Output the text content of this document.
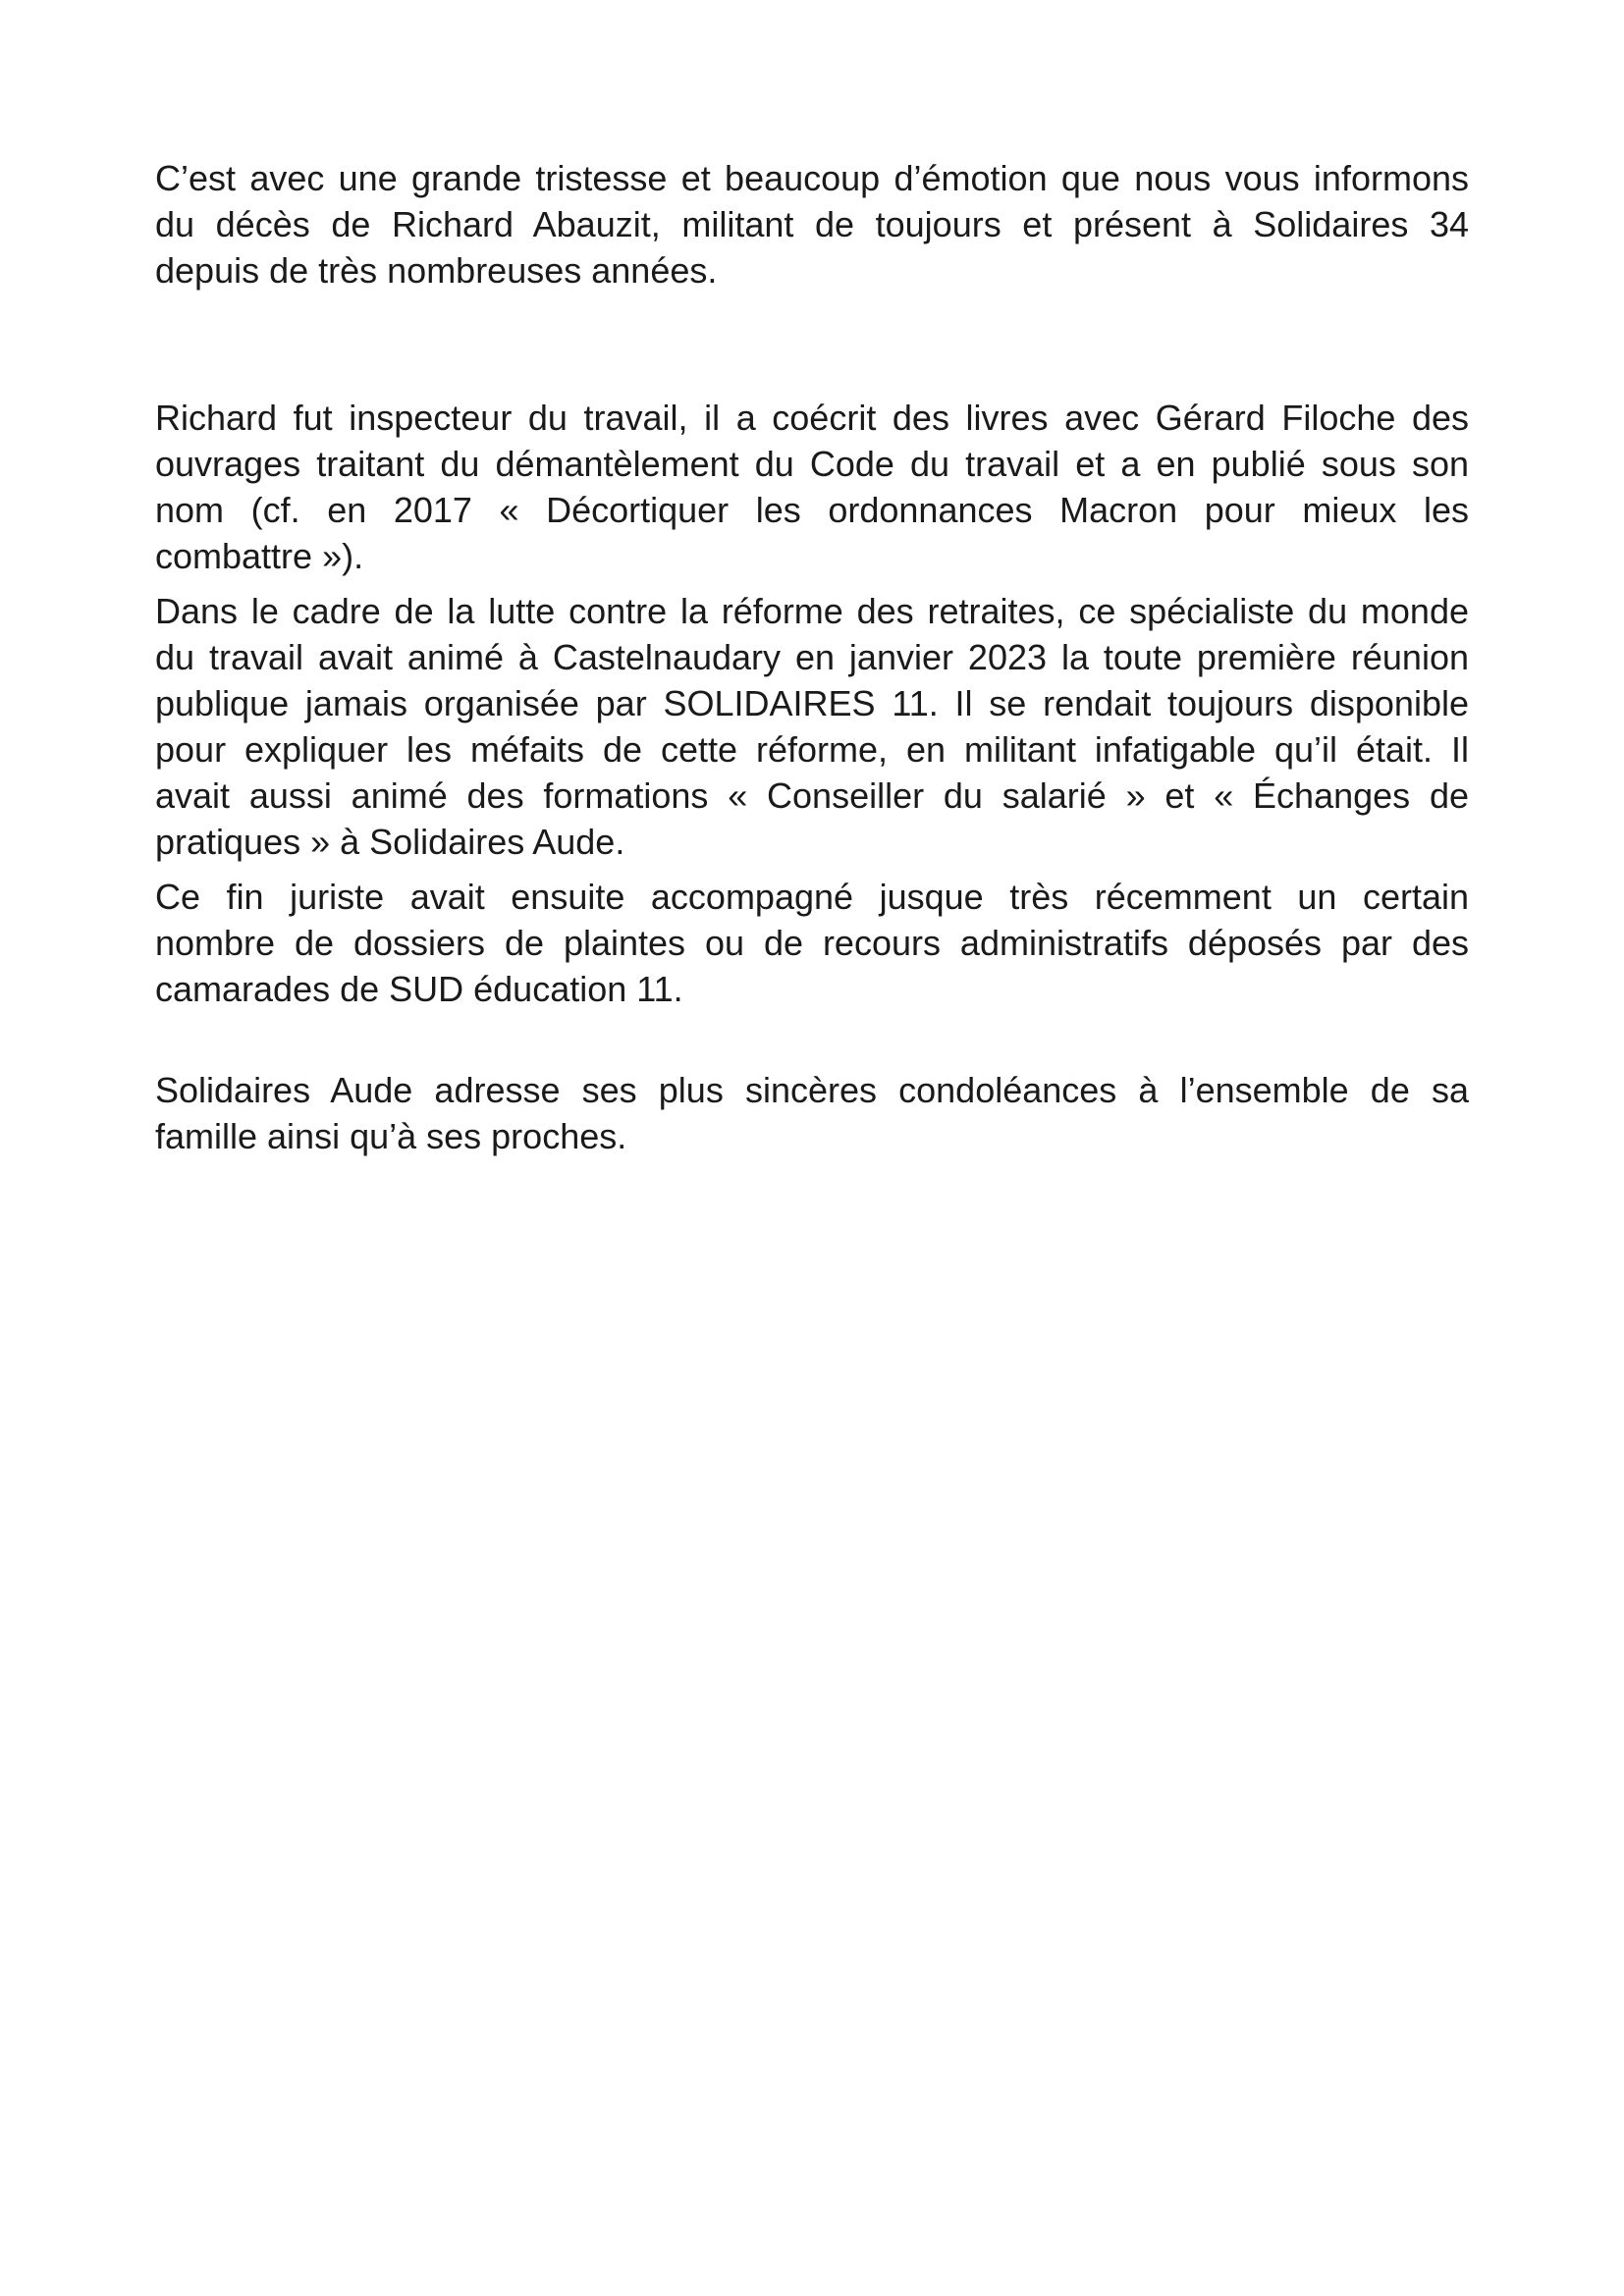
C’est avec une grande tristesse et beaucoup d’émotion que nous vous informons
du décès de Richard Abauzit, militant de toujours et présent à Solidaires 34
depuis de très nombreuses années.
Richard fut inspecteur du travail, il a coécrit des livres avec Gérard Filoche des
ouvrages traitant du démantèlement du Code du travail et a en publié sous son
nom (cf. en 2017 « Décortiquer les ordonnances Macron pour mieux les
combattre »).
Dans le cadre de la lutte contre la réforme des retraites, ce spécialiste du monde
du travail avait animé à Castelnaudary en janvier 2023 la toute première réunion
publique jamais organisée par SOLIDAIRES 11. Il se rendait toujours disponible
pour expliquer les méfaits de cette réforme, en militant infatigable qu’il était. Il
avait aussi animé des formations « Conseiller du salarié » et « Échanges de
pratiques » à Solidaires Aude.
Ce fin juriste avait ensuite accompagné jusque très récemment un certain
nombre de dossiers de plaintes ou de recours administratifs déposés par des
camarades de SUD éducation 11.
Solidaires Aude adresse ses plus sincères condoléances à l’ensemble de sa
famille ainsi qu’à ses proches.
